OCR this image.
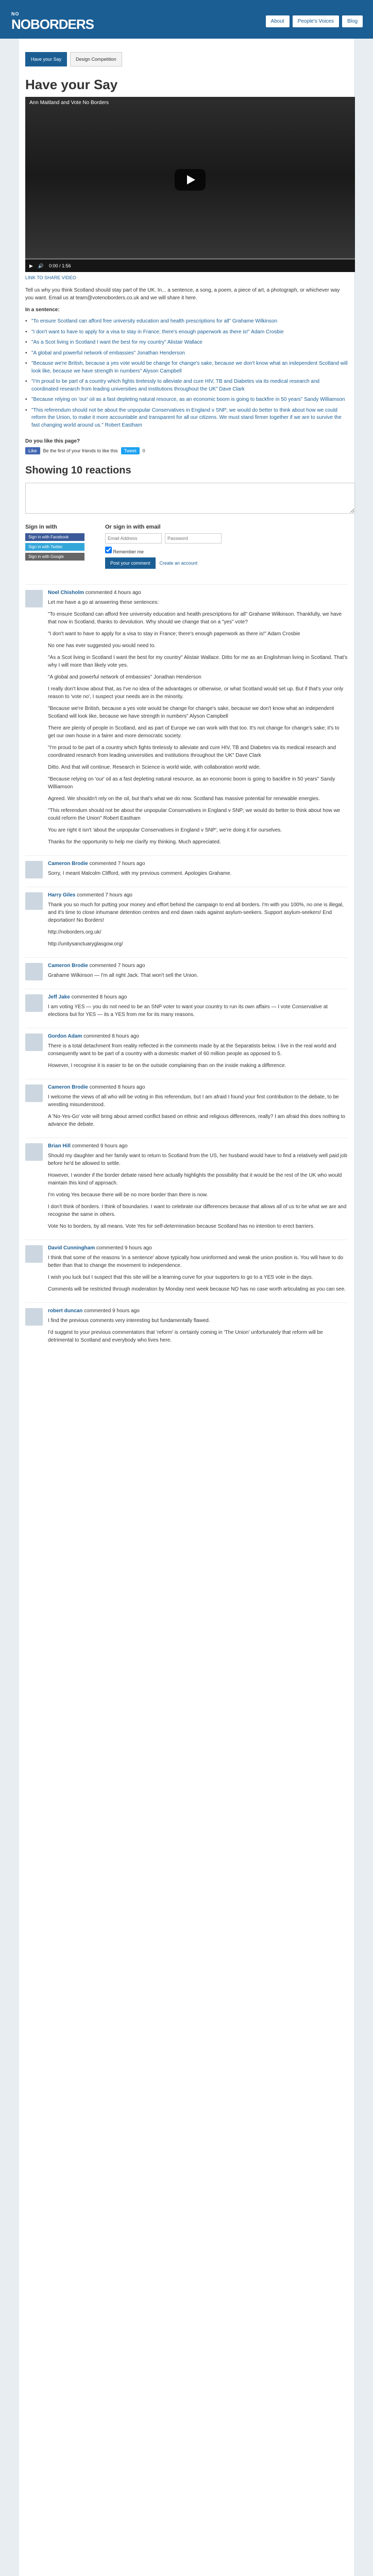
NO
NOBORDERS	About	People's Voices	Blog
Have your Say	Design Competition
Have your Say
Ann Maitland and Vote No Borders
▶ 🔊 0:00 / 1:56
LINK TO SHARE VIDEO

Tell us why you think Scotland should stay part of the UK. In... a sentence, a song, a poem, a piece of art, a photograph, or whichever way you want. Email us at team@votenoborders.co.uk and we will share it here.

In a sentence:

• "To ensure Scotland can afford free university education and health prescriptions for all" Grahame Wilkinson
• "I don't want to have to apply for a visa to stay in France; there's enough paperwork as there is!" Adam Crosbie
• "As a Scot living in Scotland I want the best for my country" Alistair Wallace
• "A global and powerful network of embassies" Jonathan Henderson
• "Because we're British, because a yes vote would be change for change's sake, because we don't know what an independent Scotland will look like, because we have strength in numbers" Alyson Campbell
• "I'm proud to be part of a country which fights tirelessly to alleviate and cure HIV, TB and Diabetes via its medical research and coordinated research from leading universities and institutions throughout the UK" Dave Clark
• "Because relying on 'our' oil as a fast depleting natural resource, as an economic boom is going to backfire in 50 years" Sandy Williamson
• "This referendum should not be about the unpopular Conservatives in England v SNP; we would do better to think about how we could reform the Union, to make it more accountable and transparent for all our citizens. We must stand firmer together if we are to survive the fast changing world around us." Robert Eastham

Do you like this page?

Like	Be the first of your friends to like this	Tweet	0
Showing 10 reactions
Sign in with
Sign in with Facebook
Sign in with Twitter
Sign in with Google
Or sign in with email
Email Address
Remember me
Post your comment	Create an account
Noel Chisholm commented 4 hours ago

Let me have a go at answering these sentences:

"To ensure Scotland can afford free university education and health prescriptions for all" Grahame Wilkinson. Thankfully, we have that now in Scotland, thanks to devolution. Why should we change that on a "yes" vote?

"I don't want to have to apply for a visa to stay in France; there's enough paperwork as there is!" Adam Crosbie

No one has ever suggested you would need to.

"As a Scot living in Scotland I want the best for my country" Alistair Wallace. Ditto for me as an Englishman living in Scotland. That's why I will more than likely vote yes.

"A global and powerful network of embassies" Jonathan Henderson

I really don't know about that, as I've no idea of the advantages or otherwise, or what Scotland would set up. But if that's your only reason to 'vote no', I suspect your needs are in the minority.

"Because we're British, because a yes vote would be change for change's sake, because we don't know what an independent Scotland will look like, because we have strength in numbers" Alyson Campbell

There are plenty of people in Scotland, and as part of Europe we can work with that too. It's not change for change's sake; it's to get our own house in a fairer and more democratic society.

"I'm proud to be part of a country which fights tirelessly to alleviate and cure HIV, TB and Diabetes via its medical research and coordinated research from leading universities and institutions throughout the UK" Dave Clark

Ditto. And that will continue. Research in Science is world wide, with collaboration world wide.

"Because relying on 'our' oil as a fast depleting natural resource, as an economic boom is going to backfire in 50 years" Sandy Williamson

Agreed. We shouldn't rely on the oil, but that's what we do now. Scotland has massive potential for renewable energies.

"This referendum should not be about the unpopular Conservatives in England v SNP; we would do better to think about how we could reform the Union" Robert Eastham

You are right it isn't 'about the unpopular Conservatives in England v SNP', we're doing it for ourselves.

Thanks for the opportunity to help me clarify my thinking. Much appreciated.

Cameron Brodie commented 7 hours ago

Sorry, I meant Malcolm Clifford, with my previous comment. Apologies Grahame.

Harry Giles commented 7 hours ago

Thank you so much for putting your money and effort behind the campaign to end all borders. I'm with you 100%, no one is illegal, and it's time to close inhumane detention centres and end dawn raids against asylum-seekers. Support asylum-seekers! End deportation! No Borders!

http://noborders.org.uk/

http://unitysanctuaryglasgow.org/

Cameron Brodie commented 7 hours ago

Grahame Wilkinson — I'm all right Jack. That won't sell the Union.

Jeff Jake commented 8 hours ago

I am voting YES — you do not need to be an SNP voter to want your country to run its own affairs — I vote Conservative at elections but for YES — its a YES from me for its many reasons.

Gordon Adam commented 8 hours ago

There is a total detachment from reality reflected in the comments made by at the Separatists below. I live in the real world and consequently want to be part of a country with a domestic market of 60 million people as opposed to 5.

However, I recognise it is easier to be on the outside complaining than on the inside making a difference.

Cameron Brodie commented 8 hours ago

I welcome the views of all who will be voting in this referendum, but I am afraid I found your first contribution to the debate, to be wrestling misunderstood.

A 'No-Yes-Go' vote will bring about armed conflict based on ethnic and religious differences, really? I am afraid this does nothing to advance the debate.

Brian Hill commented 9 hours ago

Should my daughter and her family want to return to Scotland from the US, her husband would have to find a relatively well paid job before he'd be allowed to settle.

However, I wonder if the border debate raised here actually highlights the possibility that it would be the rest of the UK who would maintain this kind of approach.

I'm voting Yes because there will be no more border than there is now.

I don't think of borders. I think of boundaries. I want to celebrate our differences because that allows all of us to be what we are and recognise the same in others.

Vote No to borders, by all means. Vote Yes for self-determination because Scotland has no intention to erect barriers.

David Cunningham commented 9 hours ago

I think that some of the reasons 'in a sentence' above typically how uninformed and weak the union position is. You will have to do better than that to change the movement to independence.

I wish you luck but I suspect that this site will be a learning curve for your supporters to go to a YES vote in the days.

Comments will be restricted through moderation by Monday next week because NO has no case worth articulating as you can see.

robert duncan commented 9 hours ago

I find the previous comments very interesting but fundamentally flawed.

I'd suggest to your previous commentators that 'reform' is certainly coming in 'The Union' unfortunately that reform will be detrimental to Scotland and everybody who lives here.
